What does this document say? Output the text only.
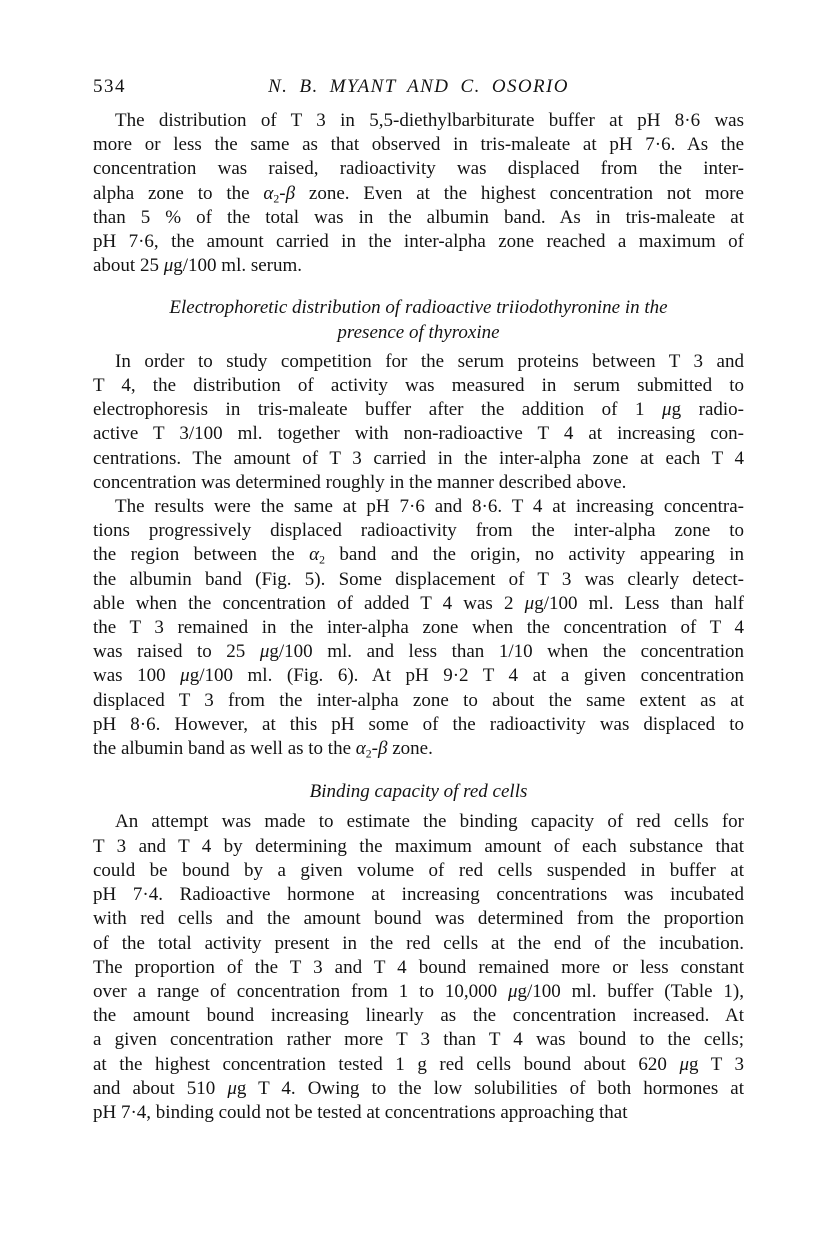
534	N. B. MYANT AND C. OSORIO
The distribution of T 3 in 5,5-diethylbarbiturate buffer at pH 8·6 was
more or less the same as that observed in tris-maleate at pH 7·6. As the
concentration was raised, radioactivity was displaced from the inter-
alpha zone to the $\alpha_2-\beta$ zone. Even at the highest concentration not more
than 5 % of the total was in the albumin band. As in tris-maleate at
pH 7·6, the amount carried in the inter-alpha zone reached a maximum of
about 25 μg/100 ml. serum.
Electrophoretic distribution of radioactive triiodothyronine in the
presence of thyroxine
In order to study competition for the serum proteins between T 3 and
T 4, the distribution of activity was measured in serum submitted to
electrophoresis in tris-maleate buffer after the addition of 1 μg radio-
active T 3/100 ml. together with non-radioactive T 4 at increasing con-
centrations. The amount of T 3 carried in the inter-alpha zone at each T 4
concentration was determined roughly in the manner described above.
The results were the same at pH 7·6 and 8·6. T 4 at increasing concentra-
tions progressively displaced radioactivity from the inter-alpha zone to
the region between the $\alpha_2$ band and the origin, no activity appearing in
the albumin band (Fig. 5). Some displacement of T 3 was clearly detect-
able when the concentration of added T 4 was 2 μg/100 ml. Less than half
the T 3 remained in the inter-alpha zone when the concentration of T 4
was raised to 25 μg/100 ml. and less than 1/10 when the concentration
was 100 μg/100 ml. (Fig. 6). At pH 9·2 T 4 at a given concentration
displaced T 3 from the inter-alpha zone to about the same extent as at
pH 8·6. However, at this pH some of the radioactivity was displaced to
the albumin band as well as to the $\alpha_2-\beta$ zone.
Binding capacity of red cells
An attempt was made to estimate the binding capacity of red cells for
T 3 and T 4 by determining the maximum amount of each substance that
could be bound by a given volume of red cells suspended in buffer at
pH 7·4. Radioactive hormone at increasing concentrations was incubated
with red cells and the amount bound was determined from the proportion
of the total activity present in the red cells at the end of the incubation.
The proportion of the T 3 and T 4 bound remained more or less constant
over a range of concentration from 1 to 10,000 μg/100 ml. buffer (Table 1),
the amount bound increasing linearly as the concentration increased. At
a given concentration rather more T 3 than T 4 was bound to the cells;
at the highest concentration tested 1 g red cells bound about 620 μg T 3
and about 510 μg T 4. Owing to the low solubilities of both hormones at
pH 7·4, binding could not be tested at concentrations approaching that
